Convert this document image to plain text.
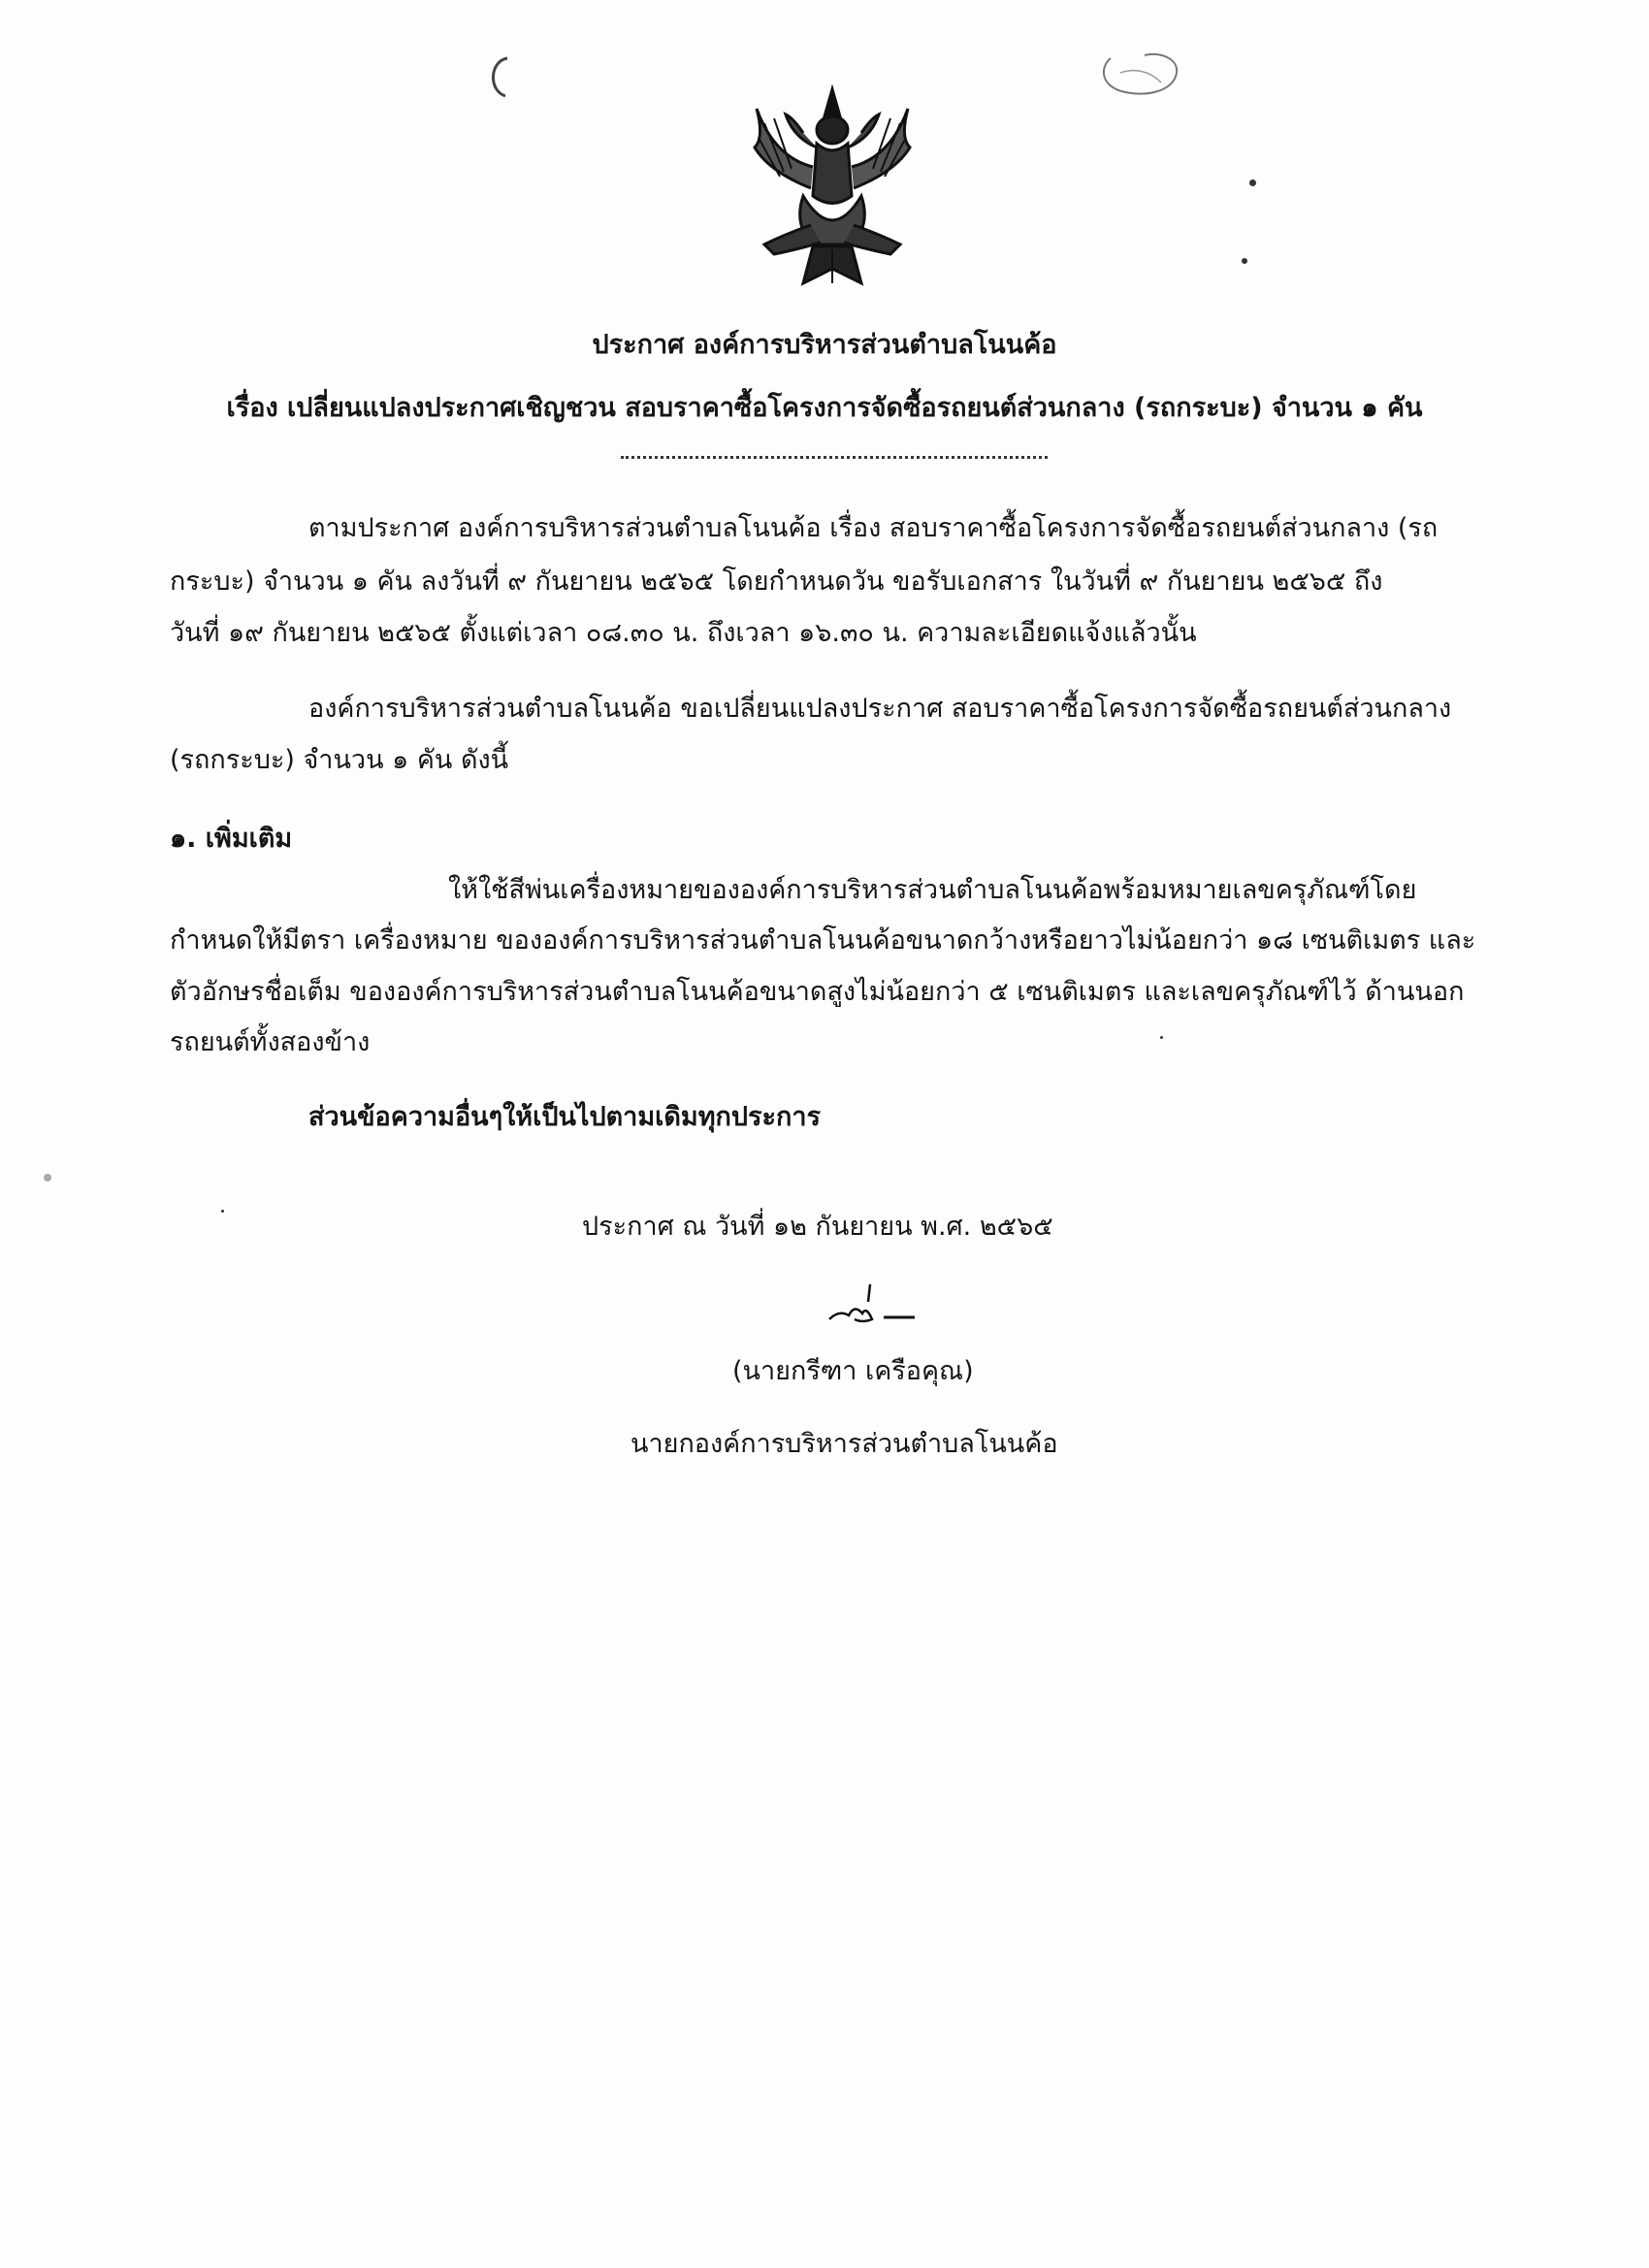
ประกาศ องค์การบริหารส่วนตำบลโนนค้อ
เรื่อง เปลี่ยนแปลงประกาศเชิญชวน สอบราคาซื้อโครงการจัดซื้อรถยนต์ส่วนกลาง (รถกระบะ) จำนวน ๑ คัน
ตามประกาศ องค์การบริหารส่วนตำบลโนนค้อ เรื่อง สอบราคาซื้อโครงการจัดซื้อรถยนต์ส่วนกลาง (รถ
กระบะ) จำนวน ๑ คัน ลงวันที่ ๙ กันยายน ๒๕๖๕ โดยกำหนดวัน ขอรับเอกสาร ในวันที่ ๙ กันยายน ๒๕๖๕ ถึง
วันที่ ๑๙ กันยายน ๒๕๖๕ ตั้งแต่เวลา ๐๘.๓๐ น. ถึงเวลา ๑๖.๓๐ น. ความละเอียดแจ้งแล้วนั้น
องค์การบริหารส่วนตำบลโนนค้อ ขอเปลี่ยนแปลงประกาศ สอบราคาซื้อโครงการจัดซื้อรถยนต์ส่วนกลาง
(รถกระบะ) จำนวน ๑ คัน ดังนี้
๑. เพิ่มเติม
ให้ใช้สีพ่นเครื่องหมายขององค์การบริหารส่วนตำบลโนนค้อพร้อมหมายเลขครุภัณฑ์โดย
กำหนดให้มีตรา เครื่องหมาย ขององค์การบริหารส่วนตำบลโนนค้อขนาดกว้างหรือยาวไม่น้อยกว่า ๑๘ เซนติเมตร และ
ตัวอักษรชื่อเต็ม ขององค์การบริหารส่วนตำบลโนนค้อขนาดสูงไม่น้อยกว่า ๕ เซนติเมตร และเลขครุภัณฑ์ไว้ ด้านนอก
รถยนต์ทั้งสองข้าง
ส่วนข้อความอื่นๆให้เป็นไปตามเดิมทุกประการ
ประกาศ ณ วันที่ ๑๒ กันยายน พ.ศ. ๒๕๖๕
(นายกรีฑา เครือคุณ)
นายกองค์การบริหารส่วนตำบลโนนค้อ
